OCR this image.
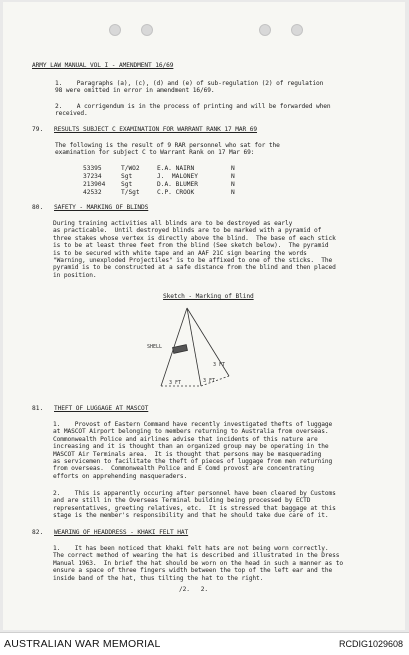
ARMY LAW MANUAL VOL I - AMENDMENT 16/69
1.    Paragraphs (a), (c), (d) and (e) of sub-regulation (2) of regulation
98 were omitted in error in amendment 16/69.
2.    A corrigendum is in the process of printing and will be forwarded when
received.
79. RESULTS SUBJECT C EXAMINATION FOR WARRANT RANK 17 MAR 69
The following is the result of 9 RAR personnel who sat for the
examination for subject C to Warrant Rank on 17 Mar 69:
53395	T/WO2	E.A. NAIRN	N
37234	Sgt	J.  MALONEY	N
213904	Sgt	D.A. BLUMER	N
42532	T/Sgt	C.P. CROOK	N
80. SAFETY - MARKING OF BLINDS
During training activities all blinds are to be destroyed as early
as practicable.  Until destroyed blinds are to be marked with a pyramid of
three stakes whose vertex is directly above the blind.  The base of each stick
is to be at least three feet from the blind (See sketch below).  The pyramid
is to be secured with white tape and an AAF 21C sign bearing the words
"Warning, unexploded Projectiles" is to be affixed to one of the sticks.  The
pyramid is to be constructed at a safe distance from the blind and then placed
in position.
Sketch - Marking of Blind
SHELL
3 FT	3 FT
3 FT
81. THEFT OF LUGGAGE AT MASCOT
1.    Provost of Eastern Command have recently investigated thefts of luggage
at MASCOT Airport belonging to members returning to Australia from overseas.
Commonwealth Police and airlines advise that incidents of this nature are
increasing and it is thought than an organized group may be operating in the
MASCOT Air Terminals area.  It is thought that persons may be masquerading
as servicemen to facilitate the theft of pieces of luggage from men returning
from overseas.  Commonwealth Police and E Comd provost are concentrating
efforts on apprehending masqueraders.
2.    This is apparently occuring after personnel have been cleared by Customs
and are still in the Overseas Terminal building being processed by ECTD
representatives, greeting relatives, etc.  It is stressed that baggage at this
stage is the member's responsibility and that he should take due care of it.
82. WEARING OF HEADDRESS - KHAKI FELT HAT
1.    It has been noticed that khaki felt hats are not being worn correctly.
The correct method of wearing the hat is described and illustrated in the Dress
Manual 1963.  In brief the hat should be worn on the head in such a manner as to
ensure a space of three fingers width between the top of the left ear and the
inside band of the hat, thus tilting the hat to the right.
/2.   2.
AUSTRALIAN WAR MEMORIAL	RCDIG1029608
